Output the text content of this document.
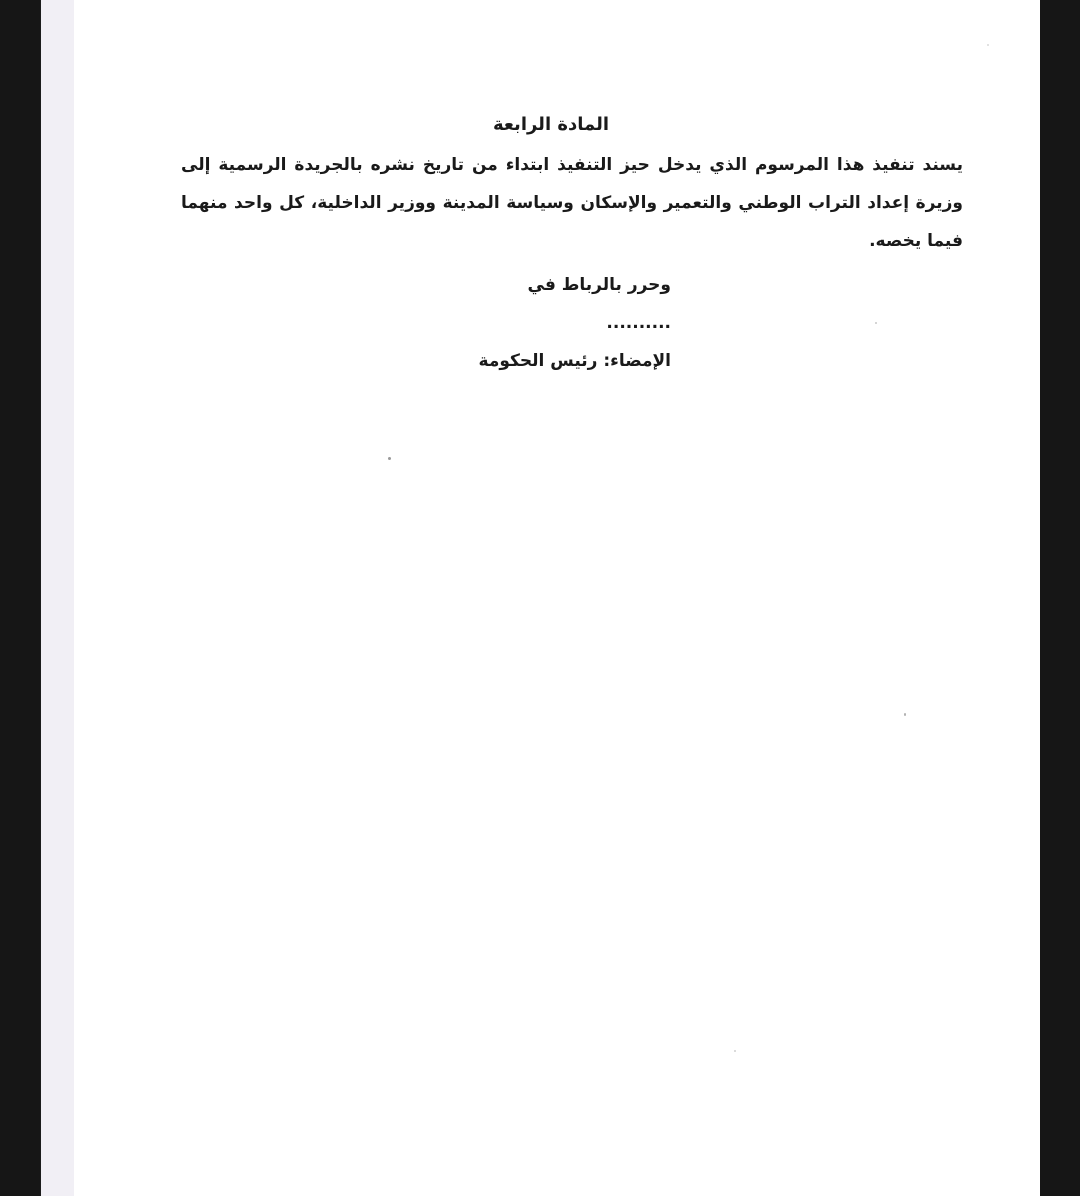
المادة الرابعة
يسند تنفيذ هذا المرسوم الذي يدخل حيز التنفيذ ابتداء من تاريخ نشره بالجريدة الرسمية إلى وزيرة إعداد التراب الوطني والتعمير والإسكان وسياسة المدينة ووزير الداخلية، كل واحد منهما فيما يخصه.
وحرر بالرباط في ..........
الإمضاء: رئيس الحكومة
